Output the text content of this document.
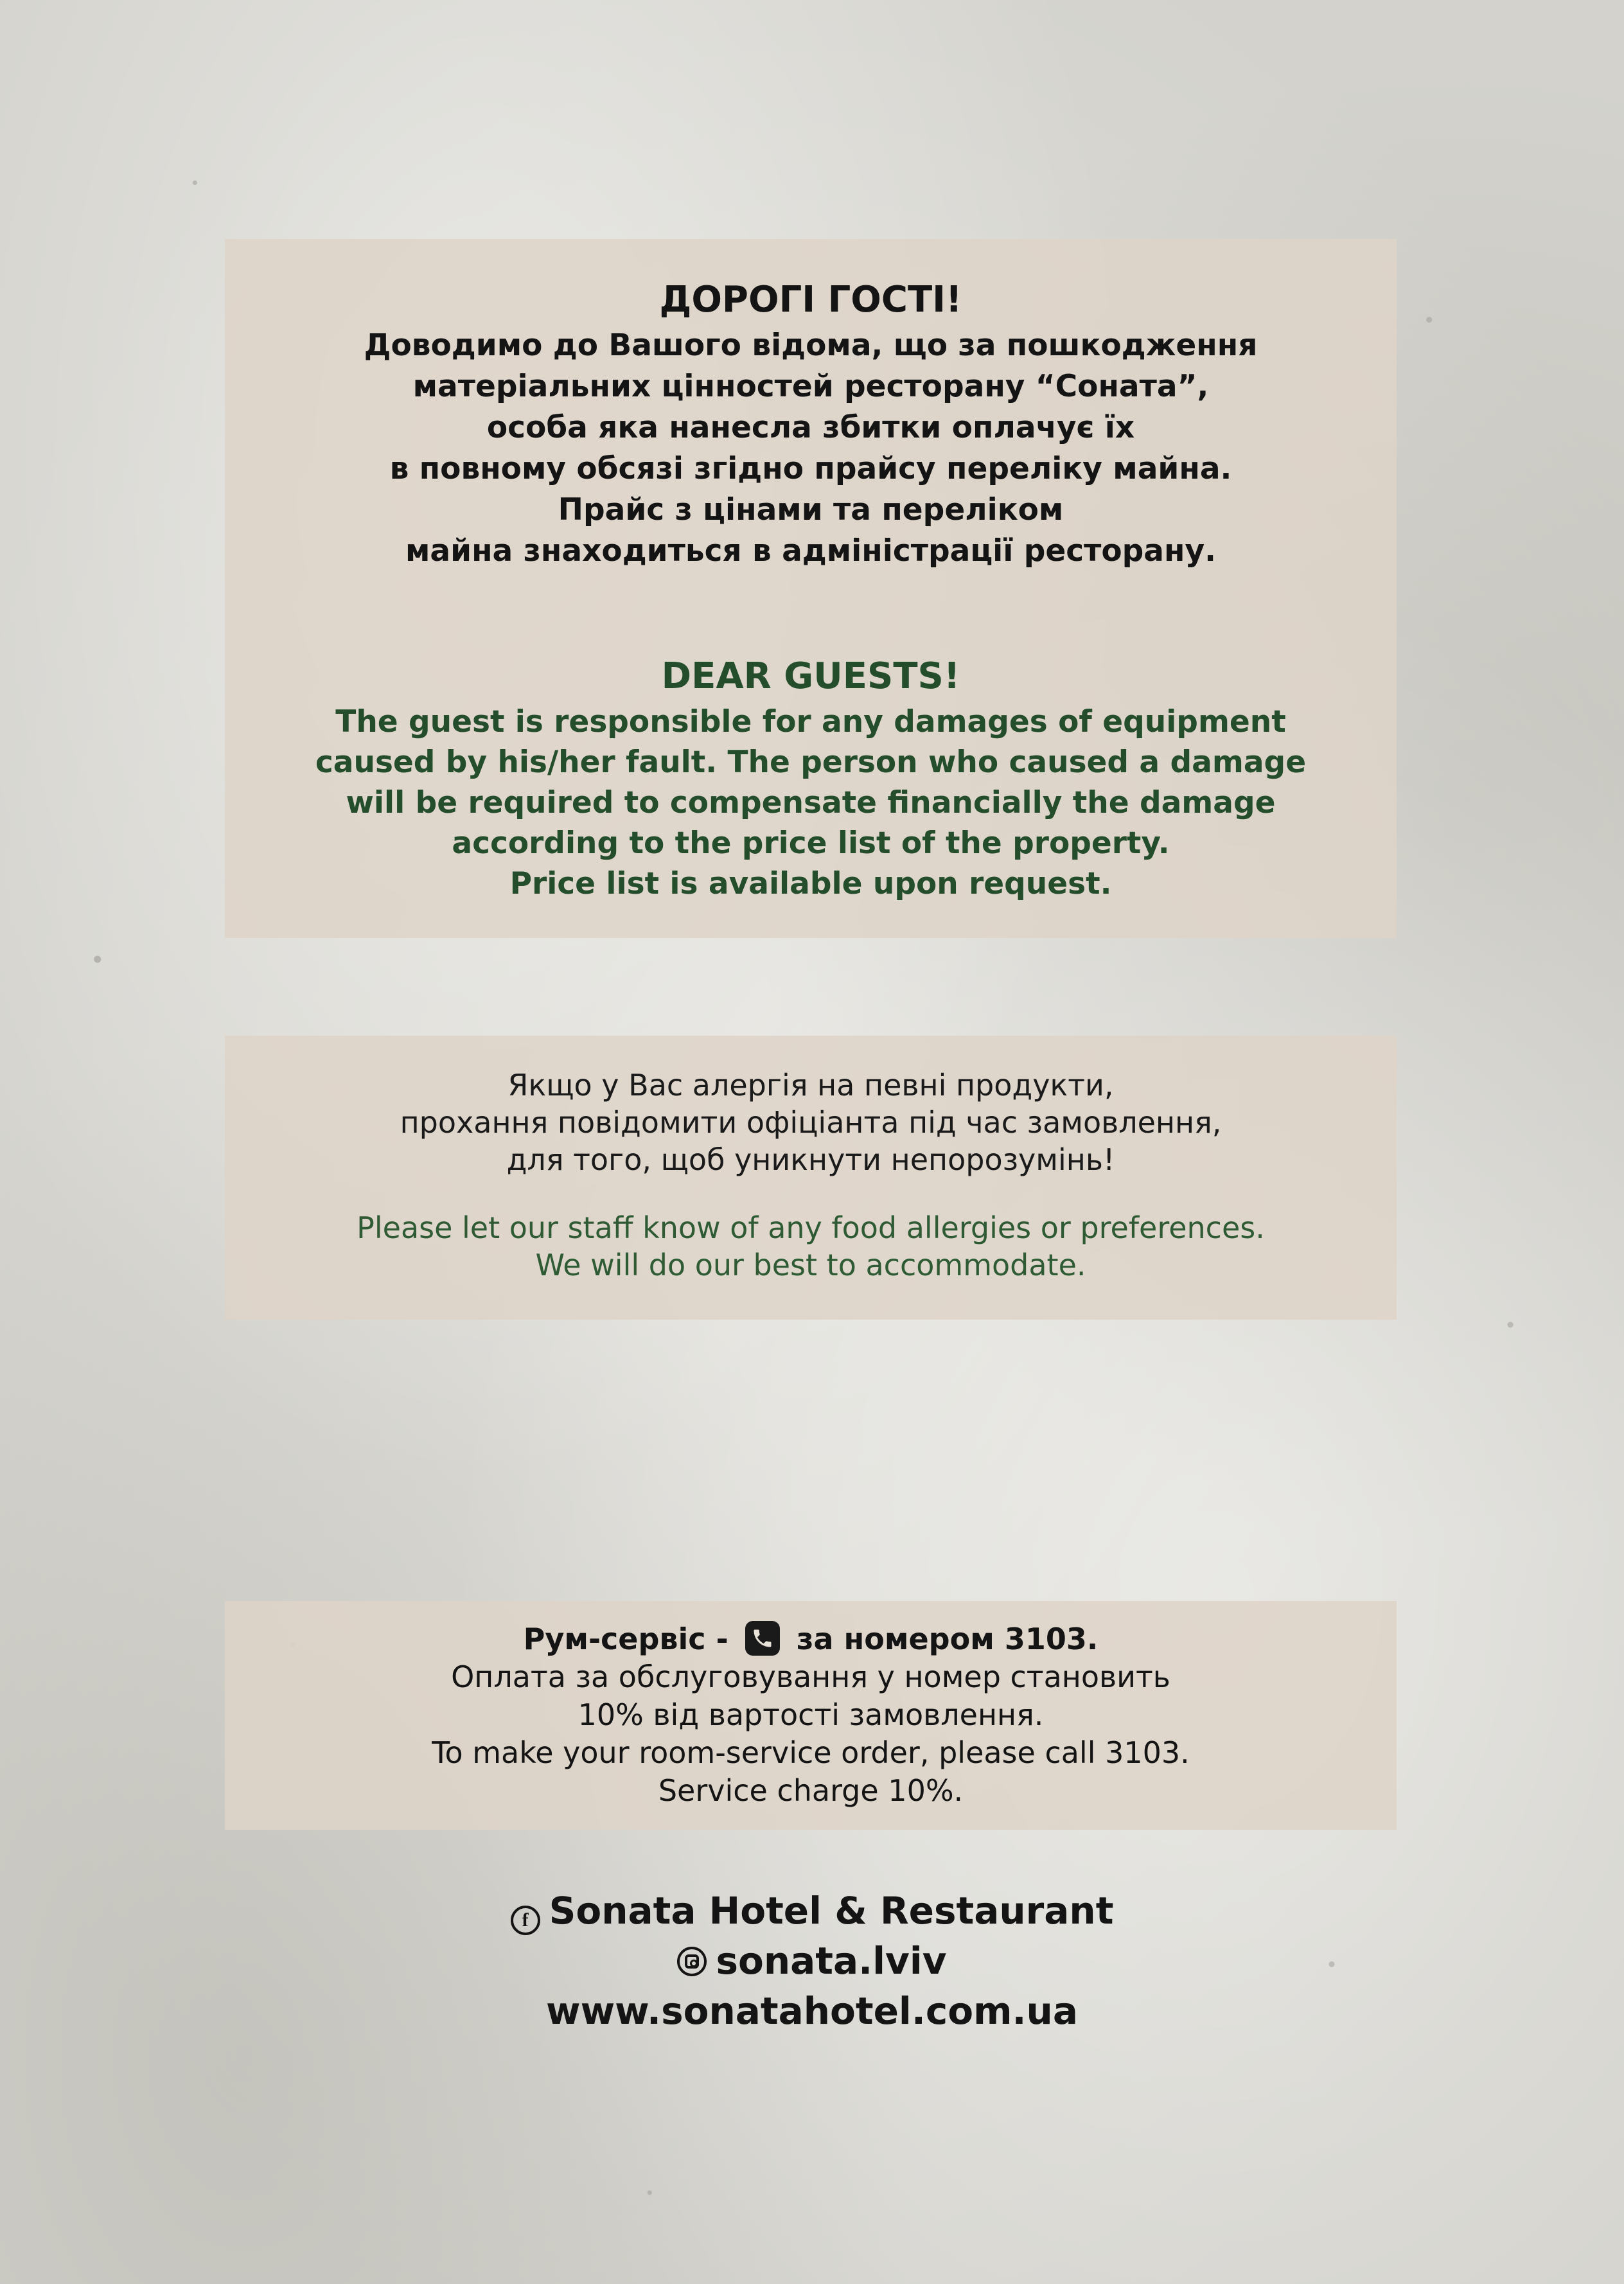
ДОРОГІ ГОСТІ!

Доводимо до Вашого відома, що за пошкодження

матеріальних цінностей ресторану “Соната”,

особа яка нанесла збитки оплачує їх

в повному обсязі згідно прайсу переліку майна.

Прайс з цінами та переліком

майна знаходиться в адміністрації ресторану.

DEAR GUESTS!

The guest is responsible for any damages of equipment

caused by his/her fault. The person who caused a damage

will be required to compensate financially the damage

according to the price list of the property.

Price list is available upon request.

Якщо у Вас алергія на певні продукти,

прохання повідомити офіціанта під час замовлення,

для того, щоб уникнути непорозумінь!

Please let our staff know of any food allergies or preferences.

We will do our best to accommodate.

Рум-сервіс - за номером 3103.

Оплата за обслуговування у номер становить

10% від вартості замовлення.

To make your room-service order, please call 3103.

Service charge 10%.

f Sonata Hotel & Restaurant
sonata.lviv
www.sonatahotel.com.ua
